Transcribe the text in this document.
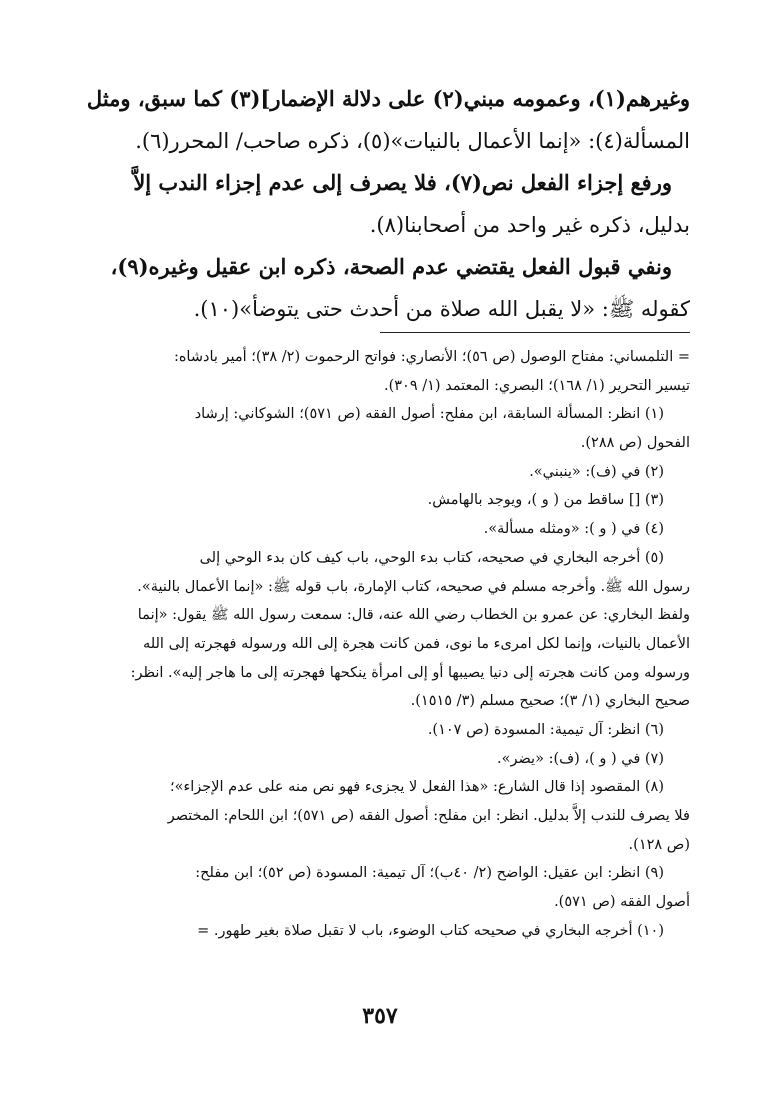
وغيرهم(١)، وعمومه مبني(٢) على دلالة الإضمار](٣) كما سبق، ومثل
المسألة(٤): «إنما الأعمال بالنيات»(٥)، ذكره صاحب/ المحرر(٦).
ورفع إجزاء الفعل نص(٧)، فلا يصرف إلى عدم إجزاء الندب إلاَّ
بدليل، ذكره غير واحد من أصحابنا(٨).
ونفي قبول الفعل يقتضي عدم الصحة، ذكره ابن عقيل وغيره(٩)،
كقوله ﷺ: «لا يقبل الله صلاة من أحدث حتى يتوضأ»(١٠).
= التلمساني: مفتاح الوصول (ص ٥٦)؛ الأنصاري: فواتح الرحموت (٢/ ٣٨)؛ أمير بادشاه:
تيسير التحرير (١/ ١٦٨)؛ البصري: المعتمد (١/ ٣٠٩).
(١) انظر: المسألة السابقة، ابن مفلح: أصول الفقه (ص ٥٧١)؛ الشوكاني: إرشاد
الفحول (ص ٢٨٨).
(٢) في (ف): «ينبني».
(٣) [] ساقط من ( و )، ويوجد بالهامش.
(٤) في ( و ): «ومثله مسألة».
(٥) أخرجه البخاري في صحيحه، كتاب بدء الوحي، باب كيف كان بدء الوحي إلى
رسول الله ﷺ. وأخرجه مسلم في صحيحه، كتاب الإمارة، باب قوله ﷺ: «إنما الأعمال بالنية».
ولفظ البخاري: عن عمرو بن الخطاب رضي الله عنه، قال: سمعت رسول الله ﷺ يقول: «إنما
الأعمال بالنيات، وإنما لكل امرىء ما نوى، فمن كانت هجرة إلى الله ورسوله فهجرته إلى الله
ورسوله ومن كانت هجرته إلى دنيا يصيبها أو إلى امرأة ينكحها فهجرته إلى ما هاجر إليه». انظر:
صحيح البخاري (١/ ٣)؛ صحيح مسلم (٣/ ١٥١٥).
(٦) انظر: آل تيمية: المسودة (ص ١٠٧).
(٧) في ( و )، (ف): «يضر».
(٨) المقصود إذا قال الشارع: «هذا الفعل لا يجزىء فهو نص منه على عدم الإجزاء»؛
فلا يصرف للندب إلاَّ بدليل. انظر: ابن مفلح: أصول الفقه (ص ٥٧١)؛ ابن اللحام: المختصر
(ص ١٢٨).
(٩) انظر: ابن عقيل: الواضح (٢/ ٤٠ب)؛ آل تيمية: المسودة (ص ٥٢)؛ ابن مفلح:
أصول الفقه (ص ٥٧١).
(١٠) أخرجه البخاري في صحيحه كتاب الوضوء، باب لا تقبل صلاة بغير طهور. =
٣٥٧
